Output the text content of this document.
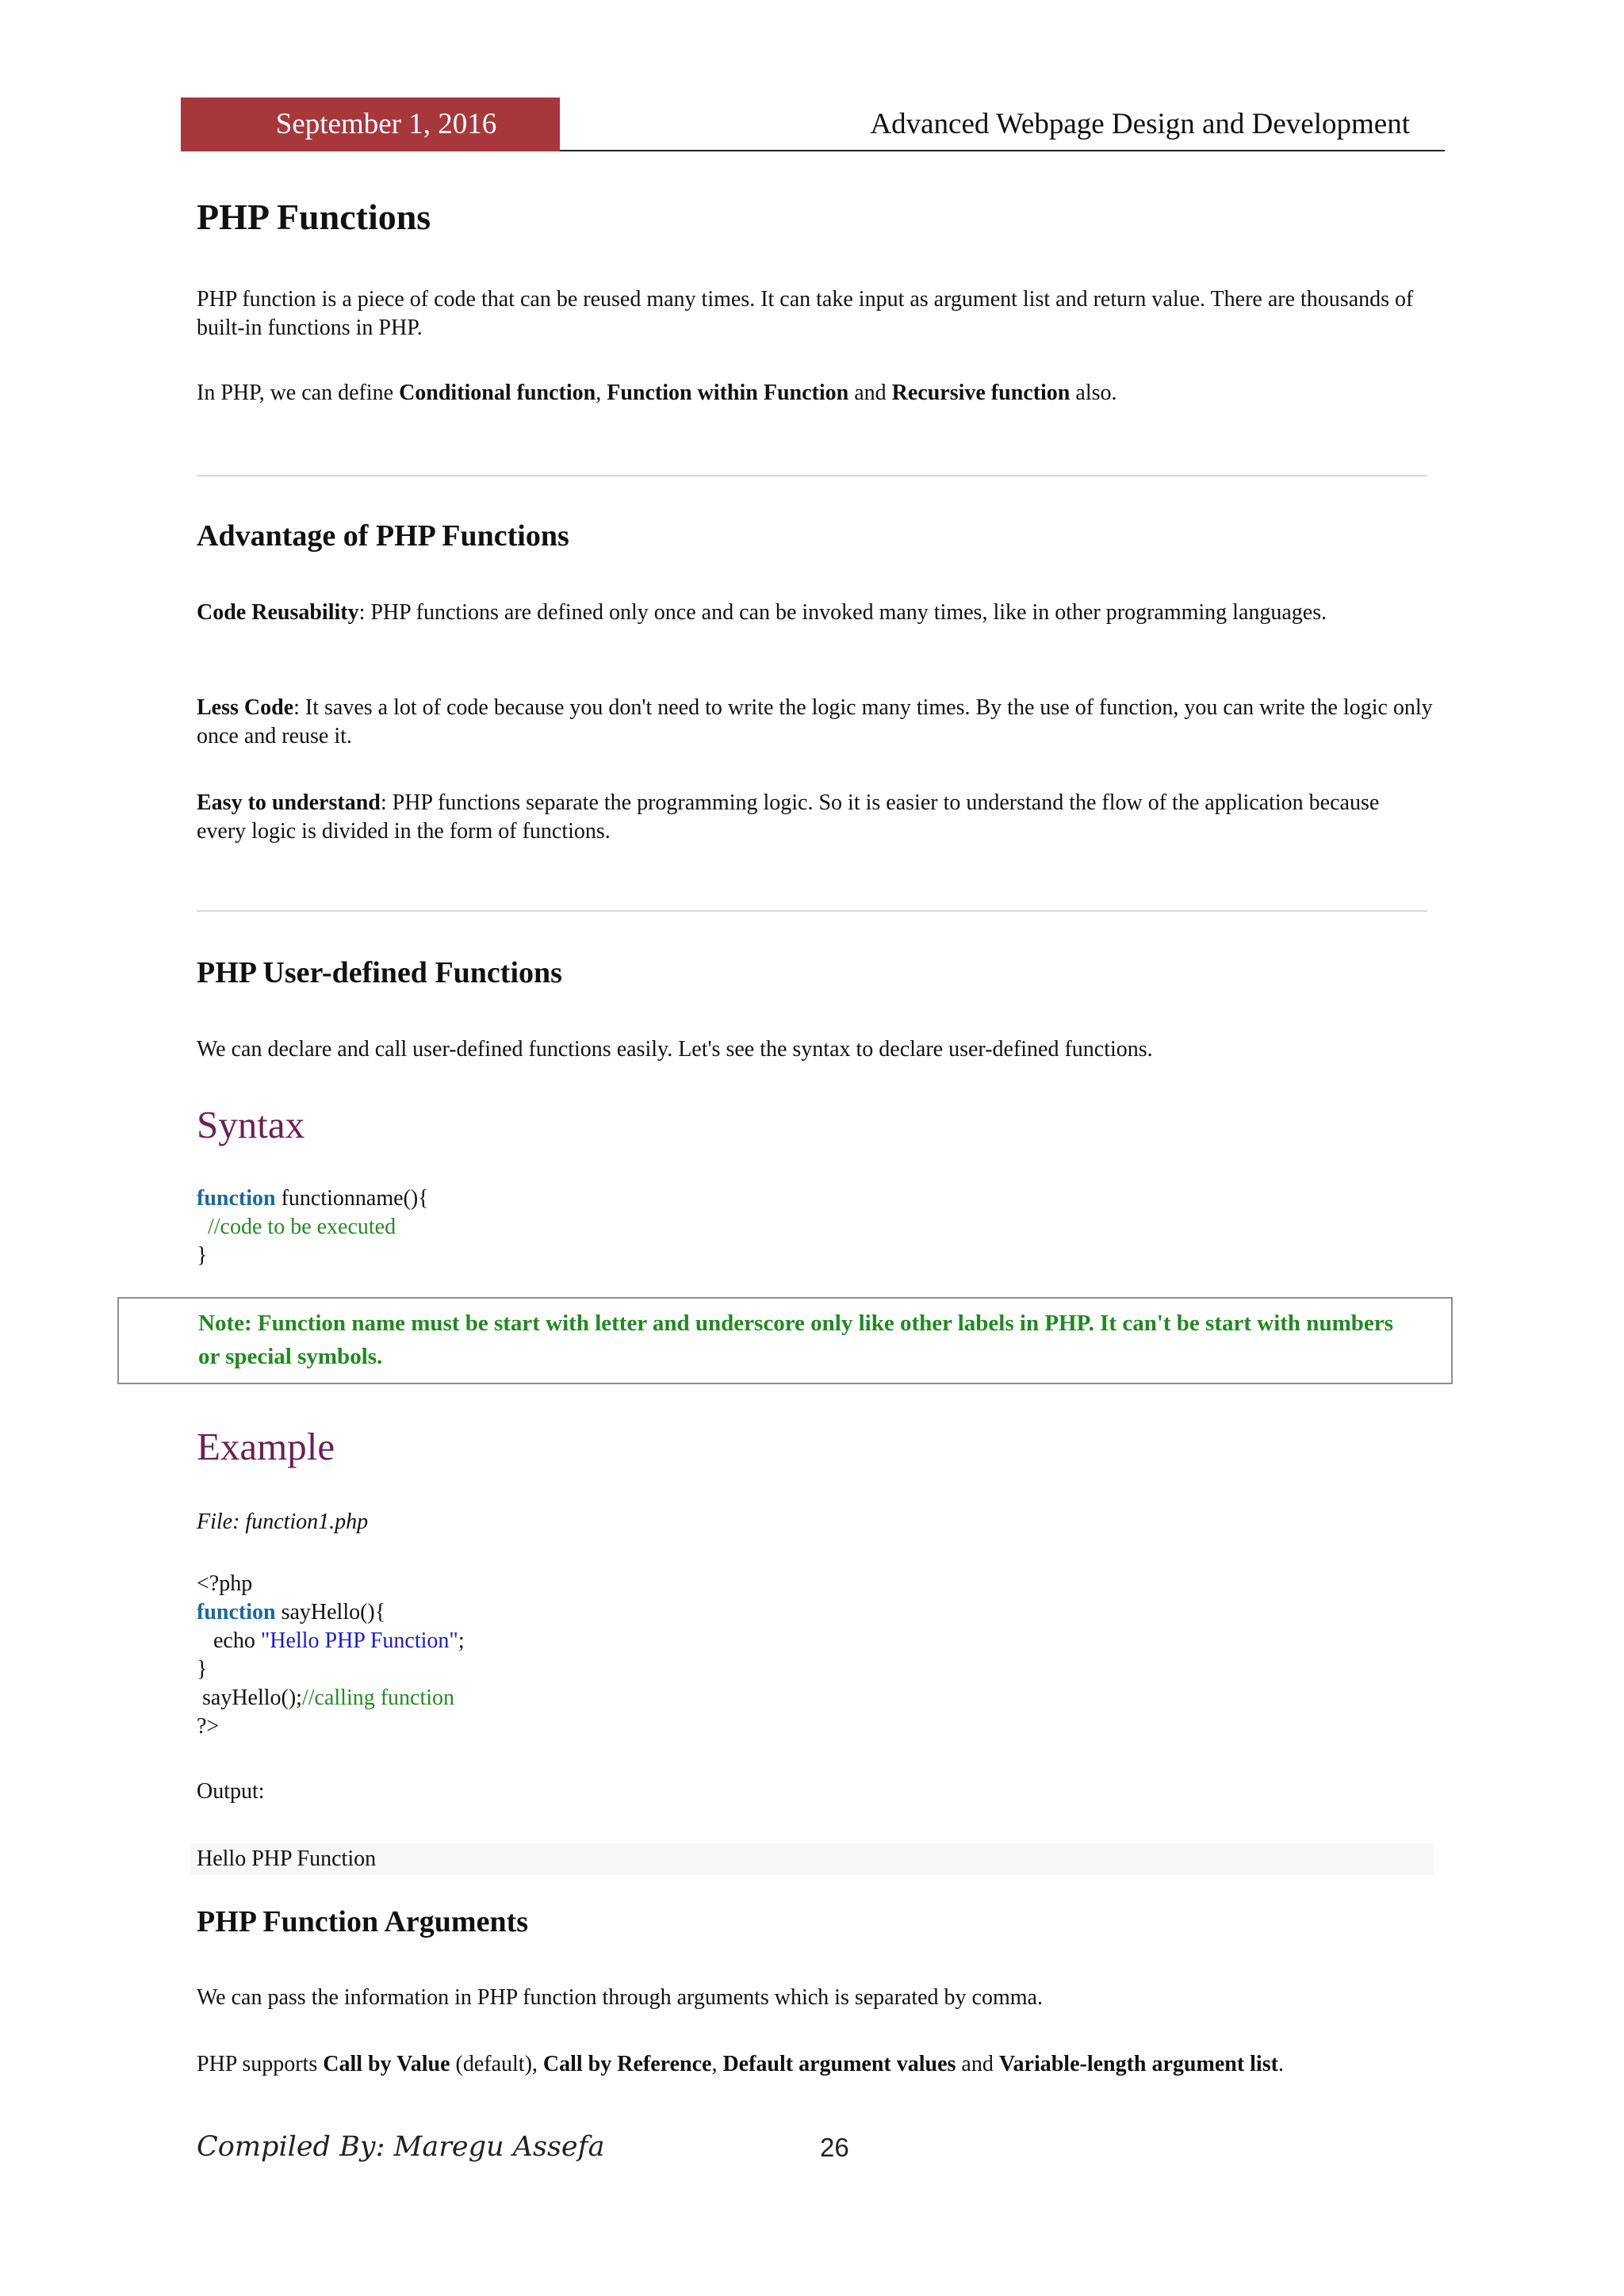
September 1, 2016	Advanced Webpage Design and Development
PHP Functions

PHP function is a piece of code that can be reused many times. It can take input as argument list and return value. There are thousands of built-in functions in PHP.

In PHP, we can define Conditional function, Function within Function and Recursive function also.

Advantage of PHP Functions

Code Reusability: PHP functions are defined only once and can be invoked many times, like in other programming languages.

Less Code: It saves a lot of code because you don't need to write the logic many times. By the use of function, you can write the logic only once and reuse it.

Easy to understand: PHP functions separate the programming logic. So it is easier to understand the flow of the application because every logic is divided in the form of functions.

PHP User-defined Functions

We can declare and call user-defined functions easily. Let's see the syntax to declare user-defined functions.

Syntax
function functionname(){
//code to be executed
}
Note: Function name must be start with letter and underscore only like other labels in PHP. It can't be start with numbers or special symbols.
Example

File: function1.php

<?php
function sayHello(){
echo "Hello PHP Function";
}
sayHello();//calling function
?>

Output:

Hello PHP Function

PHP Function Arguments

We can pass the information in PHP function through arguments which is separated by comma.

PHP supports Call by Value (default), Call by Reference, Default argument values and Variable-length argument list.

Compiled By: Maregu Assefa	26
